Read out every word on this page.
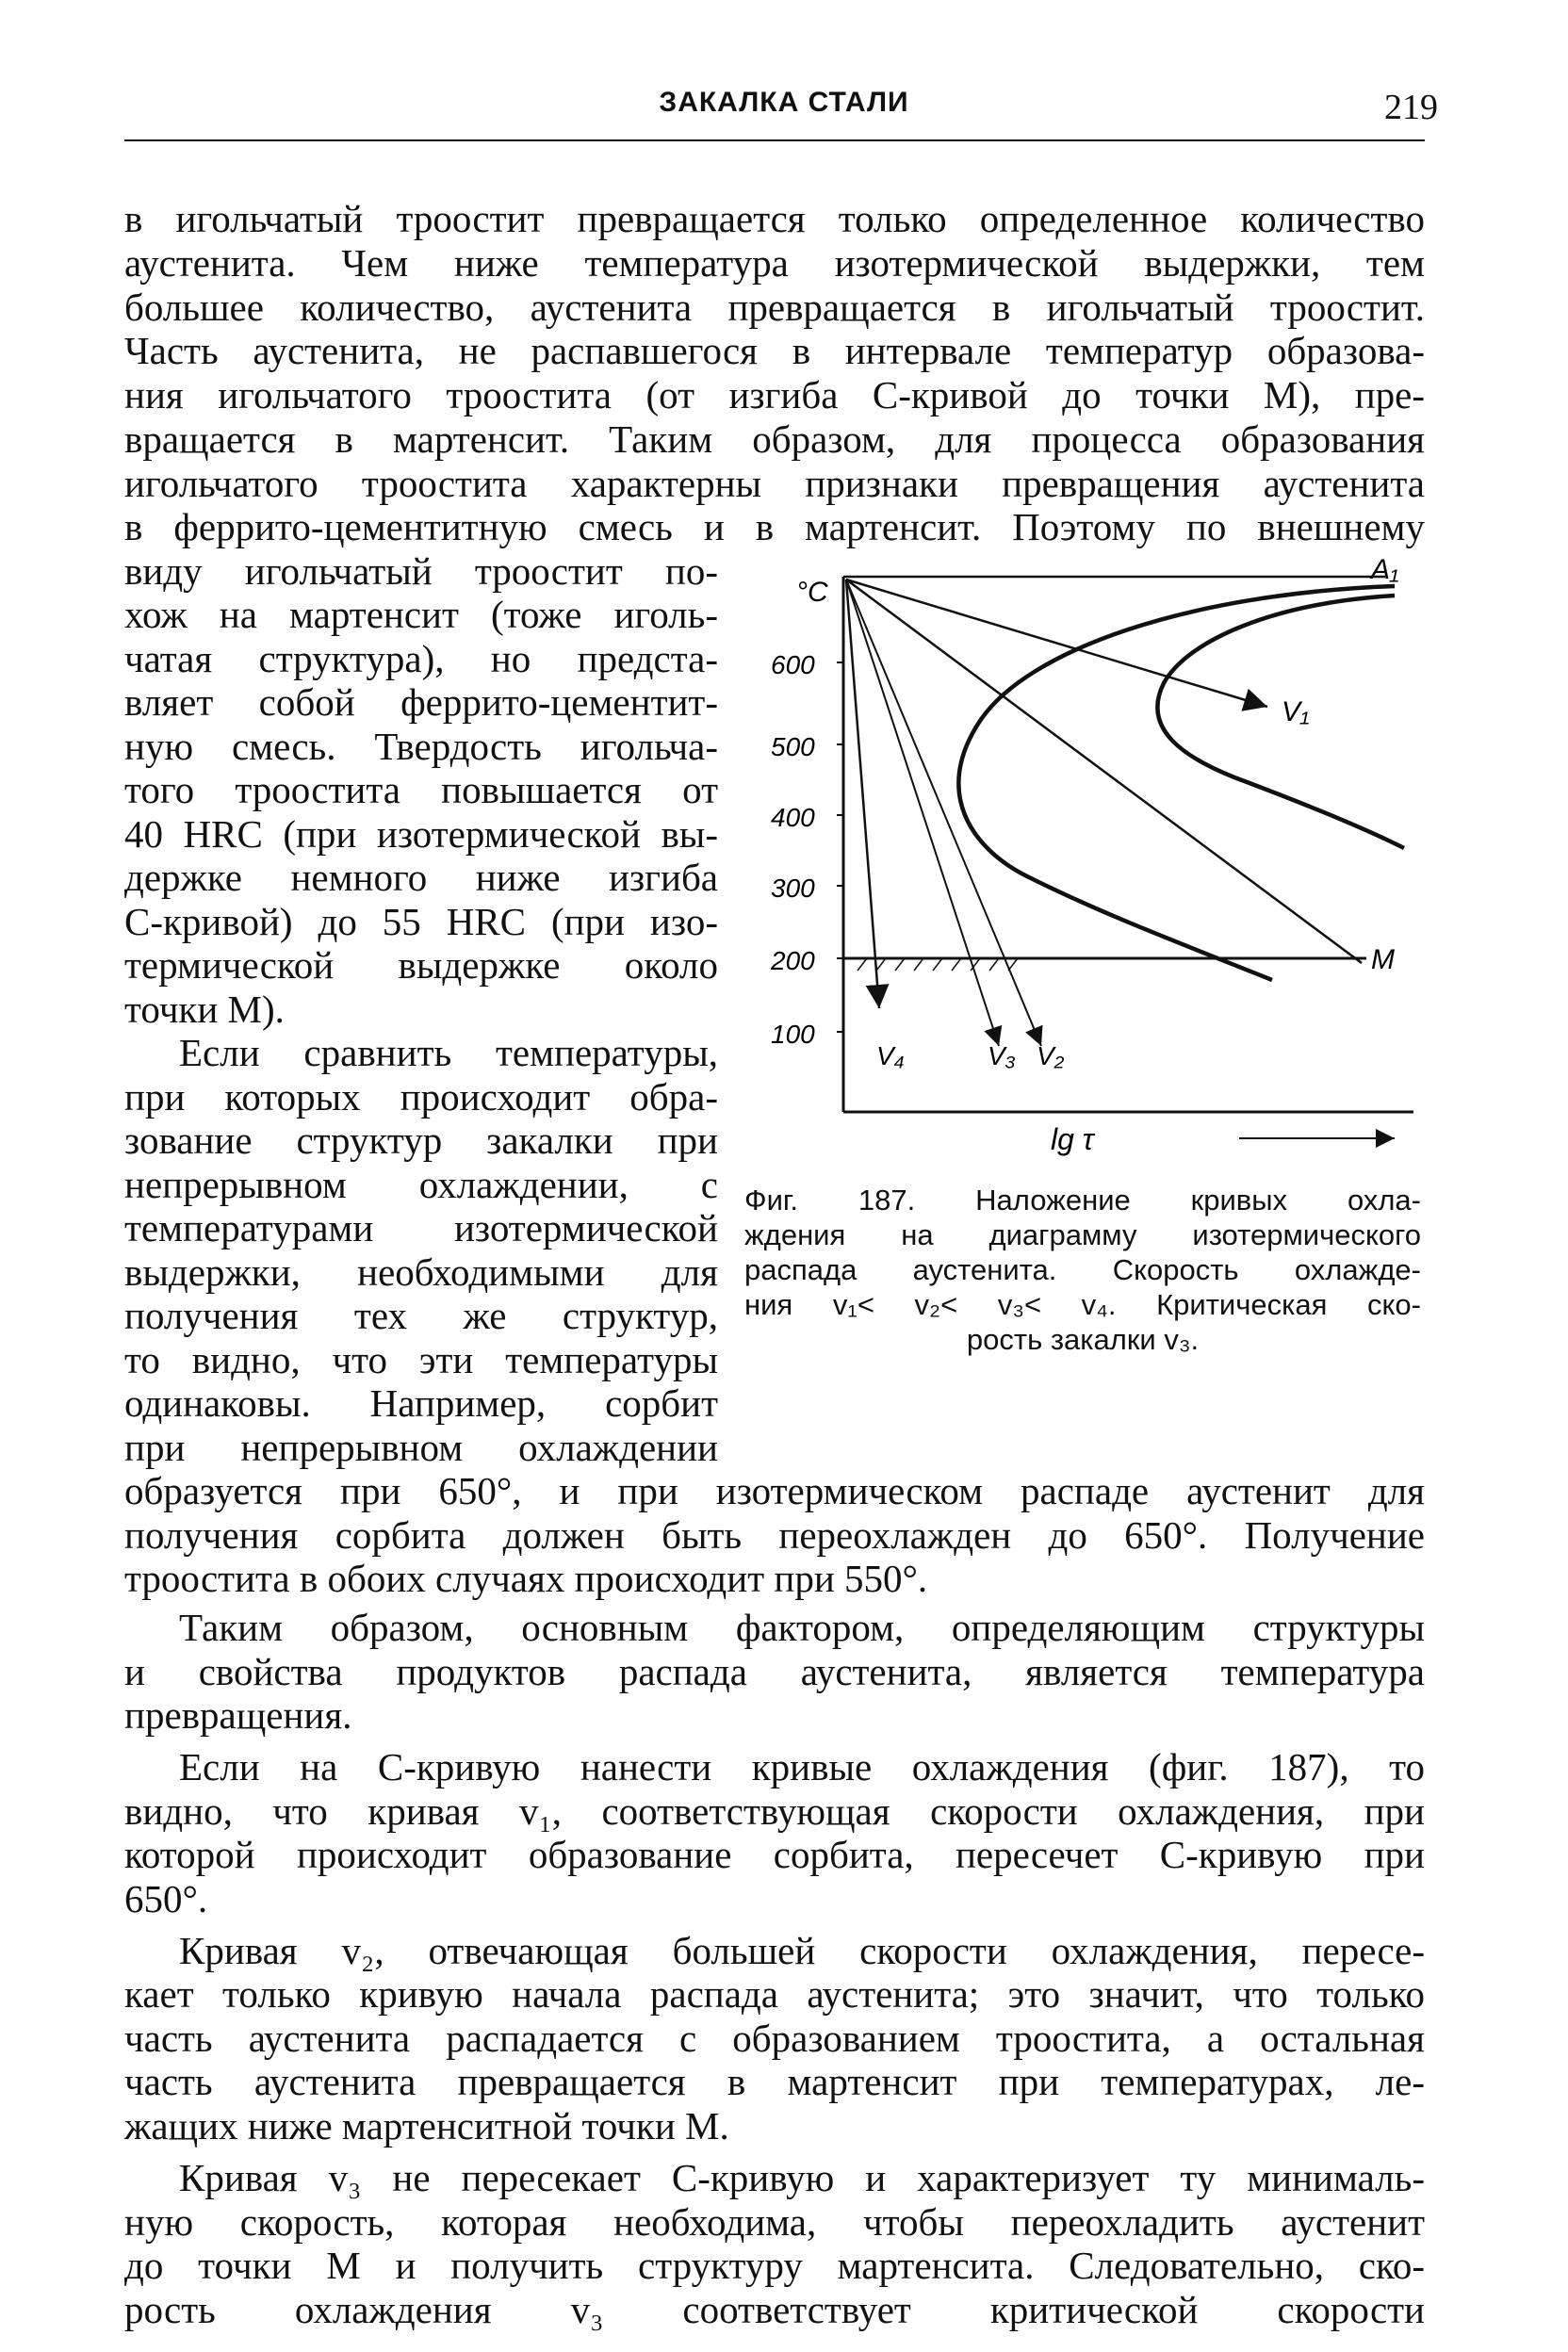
ЗАКАЛКА СТАЛИ	219
в игольчатый троостит превращается только определенное количество
аустенита. Чем ниже температура изотермической выдержки, тем
большее количество, аустенита превращается в игольчатый троостит.
Часть аустенита, не распавшегося в интервале температур образова-
ния игольчатого троостита (от изгиба С-кривой до точки М), пре-
вращается в мартенсит. Таким образом, для процесса образования
игольчатого троостита характерны признаки превращения аустенита
в феррито-цементитную смесь и в мартенсит. Поэтому по внешнему
виду игольчатый троостит по-
хож на мартенсит (тоже иголь-
чатая структура), но предста-
вляет собой феррито-цементит-
ную смесь. Твердость игольча-
того троостита повышается от
40 HRC (при изотермической вы-
держке немного ниже изгиба
С-кривой) до 55 HRC (при изо-
термической выдержке около
точки М).
Если сравнить температуры,
при которых происходит обра-
зование структур закалки при
непрерывном охлаждении, с
температурами изотермической
выдержки, необходимыми для
получения тех же структур,
то видно, что эти температуры
одинаковы. Например, сорбит
при непрерывном охлаждении
образуется при 650°, и при изотермическом распаде аустенит для
получения сорбита должен быть переохлажден до 650°. Получение
троостита в обоих случаях происходит при 550°.
Таким образом, основным фактором, определяющим структуры
и свойства продуктов распада аустенита, является температура
превращения.
Если на С-кривую нанести кривые охлаждения (фиг. 187), то
видно, что кривая v₁, соответствующая скорости охлаждения, при
которой происходит образование сорбита, пересечет С-кривую при
650°.
Кривая v₂, отвечающая большей скорости охлаждения, пересе-
кает только кривую начала распада аустенита; это значит, что только
часть аустенита распадается с образованием троостита, а остальная
часть аустенита превращается в мартенсит при температурах, ле-
жащих ниже мартенситной точки М.
Кривая v₃ не пересекает С-кривую и характеризует ту минималь-
ную скорость, которая необходима, чтобы переохладить аустенит
до точки М и получить структуру мартенсита. Следовательно, ско-
рость охлаждения v₃ соответствует критической скорости
°C
600
500
400
300
200
100
A₁
V₁
М
V₄	V₃ V₂
lg τ
Фиг. 187. Наложение кривых охла-
ждения на диаграмму изотермического
распада аустенита. Скорость охлажде-
ния v₁< v₂< v₃< v₄. Критическая ско-
рость закалки v₃.
